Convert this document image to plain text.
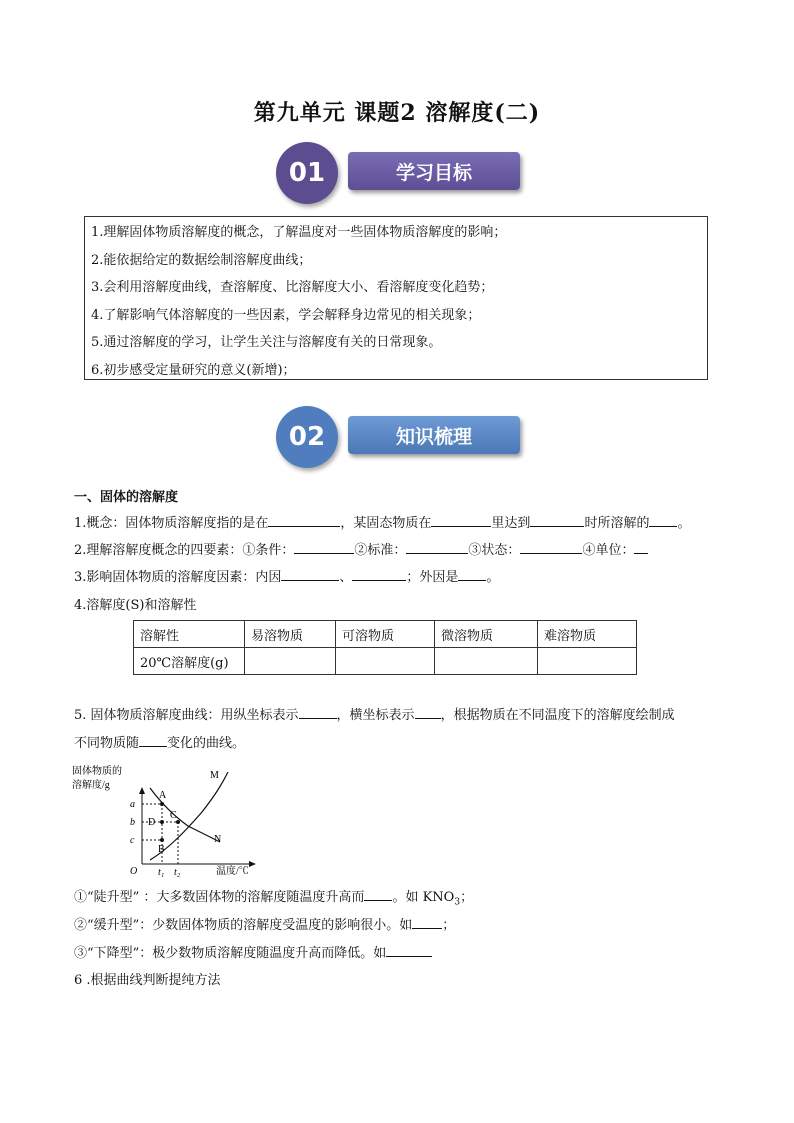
第九单元 课题2 溶解度(二)
01	学习目标
1.理解固体物质溶解度的概念，了解温度对一些固体物质溶解度的影响；
2.能依据给定的数据绘制溶解度曲线；
3.会利用溶解度曲线，查溶解度、比溶解度大小、看溶解度变化趋势；
4.了解影响气体溶解度的一些因素，学会解释身边常见的相关现象；
5.通过溶解度的学习，让学生关注与溶解度有关的日常现象。
6.初步感受定量研究的意义(新增)；
02	知识梳理
一、固体的溶解度
1.概念：固体物质溶解度指的是在	，某固态物质在	里达到	时所溶解的 。
2.理解溶解度概念的四要素：①条件：	②标准：	③状态：	④单位：
3.影响固体物质的溶解度因素：内因	、	；外因是 。
4.溶解度(S)和溶解性
溶解性	易溶物质	可溶物质	微溶物质	难溶物质
20℃溶解度(g)				
5. 固体物质溶解度曲线：用纵坐标表示	，横坐标表示 ，根据物质在不同温度下的溶解度绘制成
不同物质随 变化的曲线。
固体物质的
溶解度/g
A
B
C
D
M
N
a
b
c
O t₁ t₂	温度/℃
①“陡升型” ：大多数固体物的溶解度随温度升高而 。如 $KNO_3$；
②“缓升型”：少数固体物质的溶解度受温度的影响很小。如 ；
③“下降型”：极少数物质溶解度随温度升高而降低。如
6 .根据曲线判断提纯方法
